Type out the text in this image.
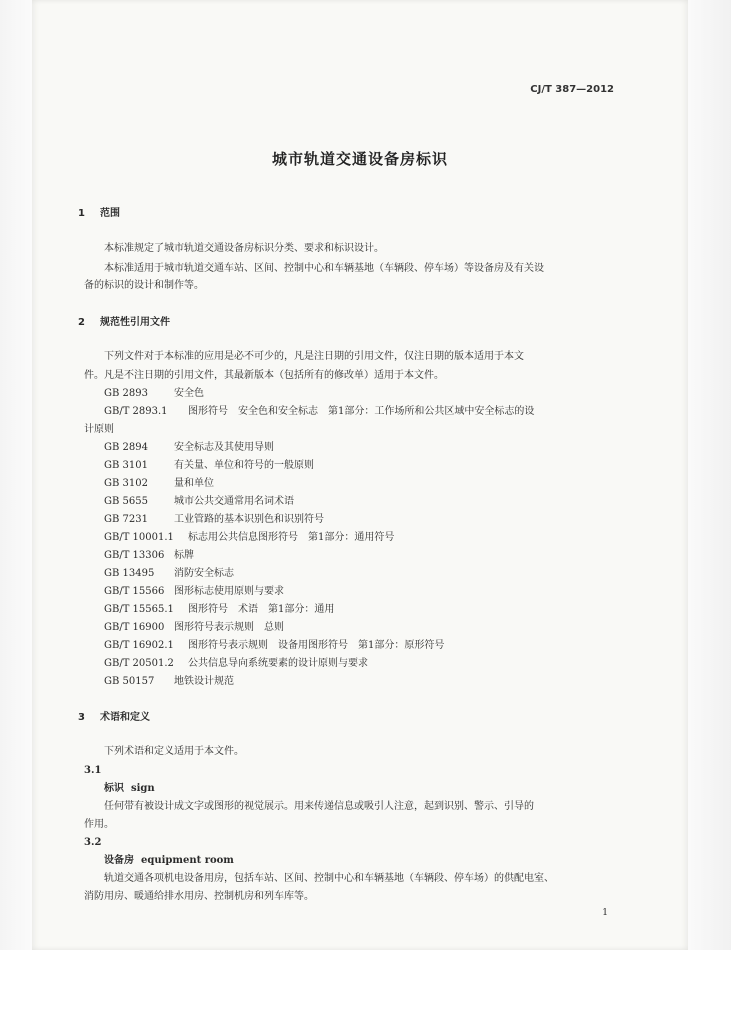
CJ/T 387—2012
城市轨道交通设备房标识
1 范围
本标准规定了城市轨道交通设备房标识分类、要求和标识设计。
本标准适用于城市轨道交通车站、区间、控制中心和车辆基地（车辆段、停车场）等设备房及有关设
备的标识的设计和制作等。
2 规范性引用文件
下列文件对于本标准的应用是必不可少的，凡是注日期的引用文件，仅注日期的版本适用于本文
件。凡是不注日期的引用文件，其最新版本（包括所有的修改单）适用于本文件。
GB 2893	安全色
GB/T 2893.1 图形符号　安全色和安全标志　第1部分：工作场所和公共区域中安全标志的设
计原则
GB 2894	安全标志及其使用导则
GB 3101	有关量、单位和符号的一般原则
GB 3102	量和单位
GB 5655	城市公共交通常用名词术语
GB 7231	工业管路的基本识别色和识别符号
GB/T 10001.1 标志用公共信息图形符号　第1部分：通用符号
GB/T 13306 标牌
GB 13495 消防安全标志
GB/T 15566 图形标志使用原则与要求
GB/T 15565.1 图形符号　术语　第1部分：通用
GB/T 16900 图形符号表示规则　总则
GB/T 16902.1 图形符号表示规则　设备用图形符号　第1部分：原形符号
GB/T 20501.2 公共信息导向系统要素的设计原则与要求
GB 50157 地铁设计规范
3 术语和定义
下列术语和定义适用于本文件。
3.1
标识 sign
任何带有被设计成文字或图形的视觉展示。用来传递信息或吸引人注意，起到识别、警示、引导的
作用。
3.2
设备房 equipment room
轨道交通各项机电设备用房，包括车站、区间、控制中心和车辆基地（车辆段、停车场）的供配电室、
消防用房、暖通给排水用房、控制机房和列车库等。
1
